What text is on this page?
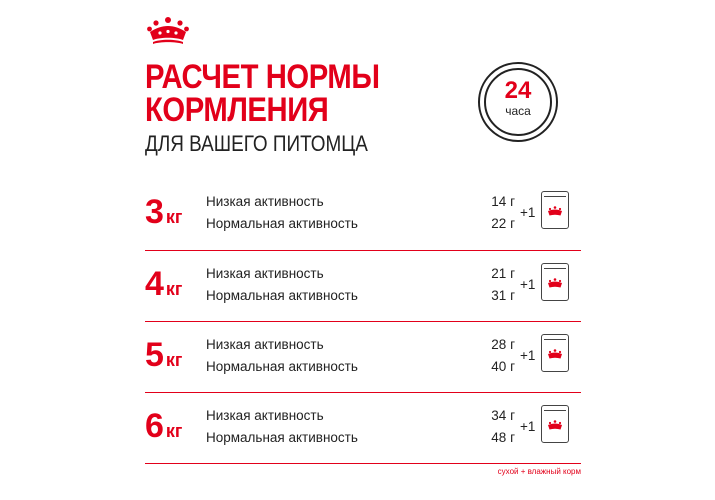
РАСЧЕТ НОРМЫ
КОРМЛЕНИЯ
ДЛЯ ВАШЕГО ПИТОМЦА
24
часа
3 кг
Низкая активность
Нормальная активность
14 г
22 г
+1
4 кг
Низкая активность
Нормальная активность
21 г
31 г
+1
5 кг
Низкая активность
Нормальная активность
28 г
40 г
+1
6 кг
Низкая активность
Нормальная активность
34 г
48 г
+1
сухой + влажный корм
